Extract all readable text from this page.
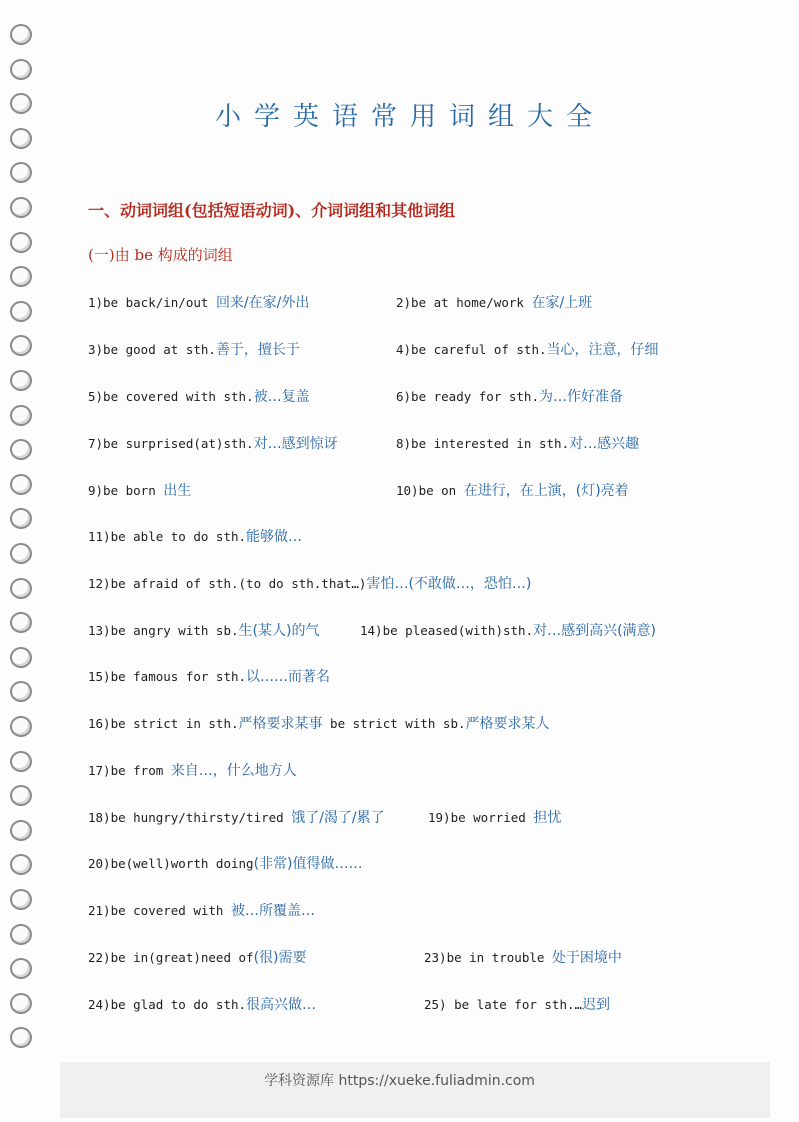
小学英语常用词组大全
一、动词词组(包括短语动词)、介词词组和其他词组
(一)由 be 构成的词组
1)be back/in/out 回来/在家/外出	2)be at home/work 在家/上班
3)be good at sth.善于，擅长于	4)be careful of sth.当心，注意，仔细
5)be covered with sth.被…复盖	6)be ready for sth.为…作好准备
7)be surprised(at)sth.对…感到惊讶	8)be interested in sth.对…感兴趣
9)be born 出生	10)be on 在进行，在上演，(灯)亮着
11)be able to do sth.能够做…
12)be afraid of sth.(to do sth.that…)害怕…(不敢做…，恐怕…)
13)be angry with sb.生(某人)的气	14)be pleased(with)sth.对…感到高兴(满意)
15)be famous for sth.以……而著名
16)be strict in sth.严格要求某事 be strict with sb.严格要求某人
17)be from 来自…，什么地方人
18)be hungry/thirsty/tired 饿了/渴了/累了	19)be worried 担忧
20)be(well)worth doing(非常)值得做……
21)be covered with 被…所覆盖…
22)be in(great)need of(很)需要	23)be in trouble 处于困境中
24)be glad to do sth.很高兴做…	25) be late for sth.…迟到
学科资源库 https://xueke.fuliadmin.com
